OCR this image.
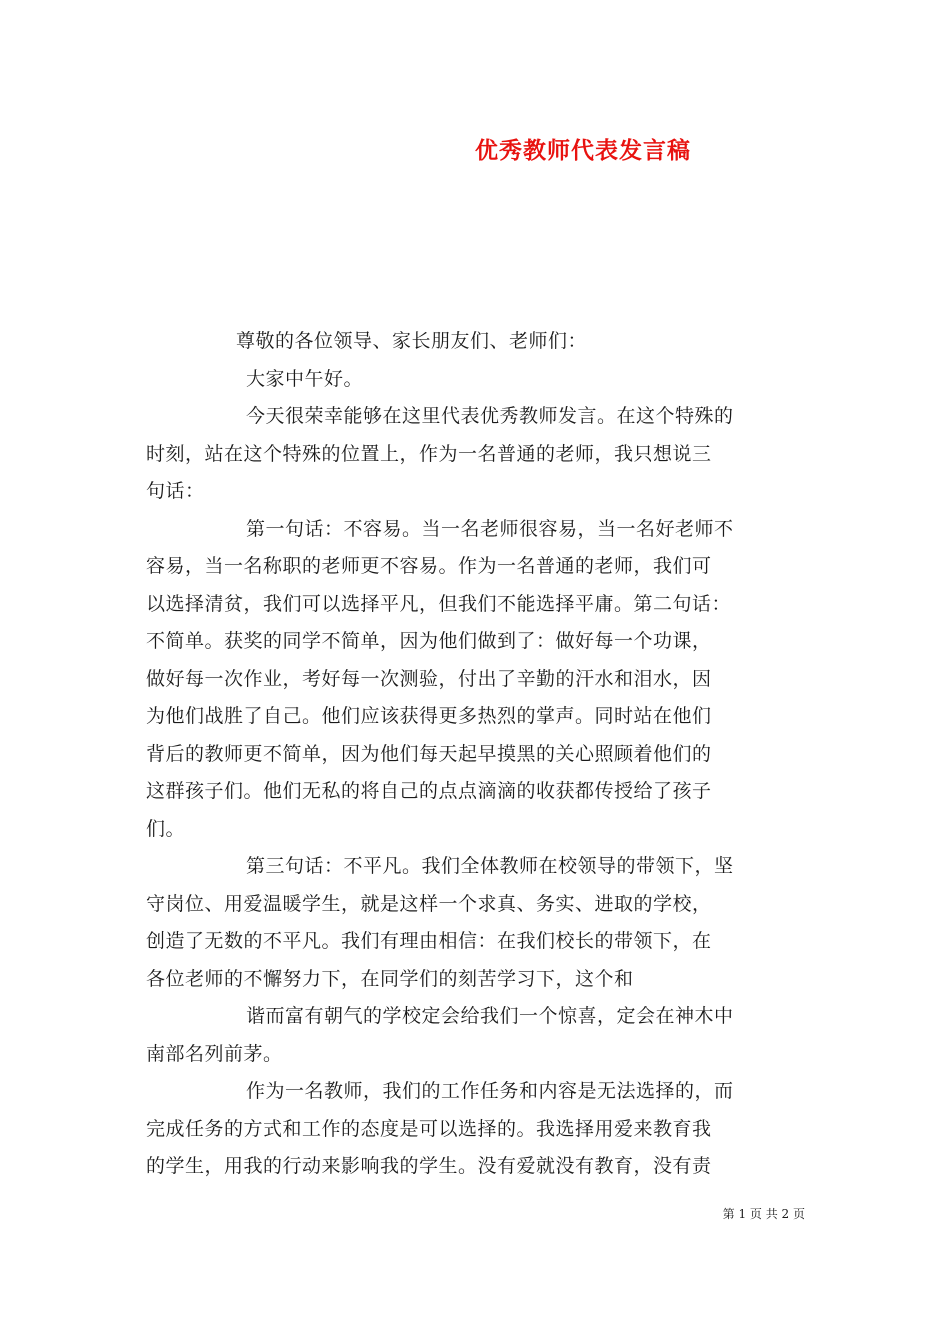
优秀教师代表发言稿
尊敬的各位领导、家长朋友们、老师们：
大家中午好。
今天很荣幸能够在这里代表优秀教师发言。在这个特殊的
时刻，站在这个特殊的位置上，作为一名普通的老师，我只想说三
句话：
第一句话：不容易。当一名老师很容易，当一名好老师不
容易，当一名称职的老师更不容易。作为一名普通的老师，我们可
以选择清贫，我们可以选择平凡，但我们不能选择平庸。第二句话：
不简单。获奖的同学不简单，因为他们做到了：做好每一个功课，
做好每一次作业，考好每一次测验，付出了辛勤的汗水和泪水，因
为他们战胜了自己。他们应该获得更多热烈的掌声。同时站在他们
背后的教师更不简单，因为他们每天起早摸黑的关心照顾着他们的
这群孩子们。他们无私的将自己的点点滴滴的收获都传授给了孩子
们。
第三句话：不平凡。我们全体教师在校领导的带领下，坚
守岗位、用爱温暖学生，就是这样一个求真、务实、进取的学校，
创造了无数的不平凡。我们有理由相信：在我们校长的带领下，在
各位老师的不懈努力下，在同学们的刻苦学习下，这个和
谐而富有朝气的学校定会给我们一个惊喜，定会在神木中
南部名列前茅。
作为一名教师，我们的工作任务和内容是无法选择的，而
完成任务的方式和工作的态度是可以选择的。我选择用爱来教育我
的学生，用我的行动来影响我的学生。没有爱就没有教育，没有责
第 1 页 共 2 页
